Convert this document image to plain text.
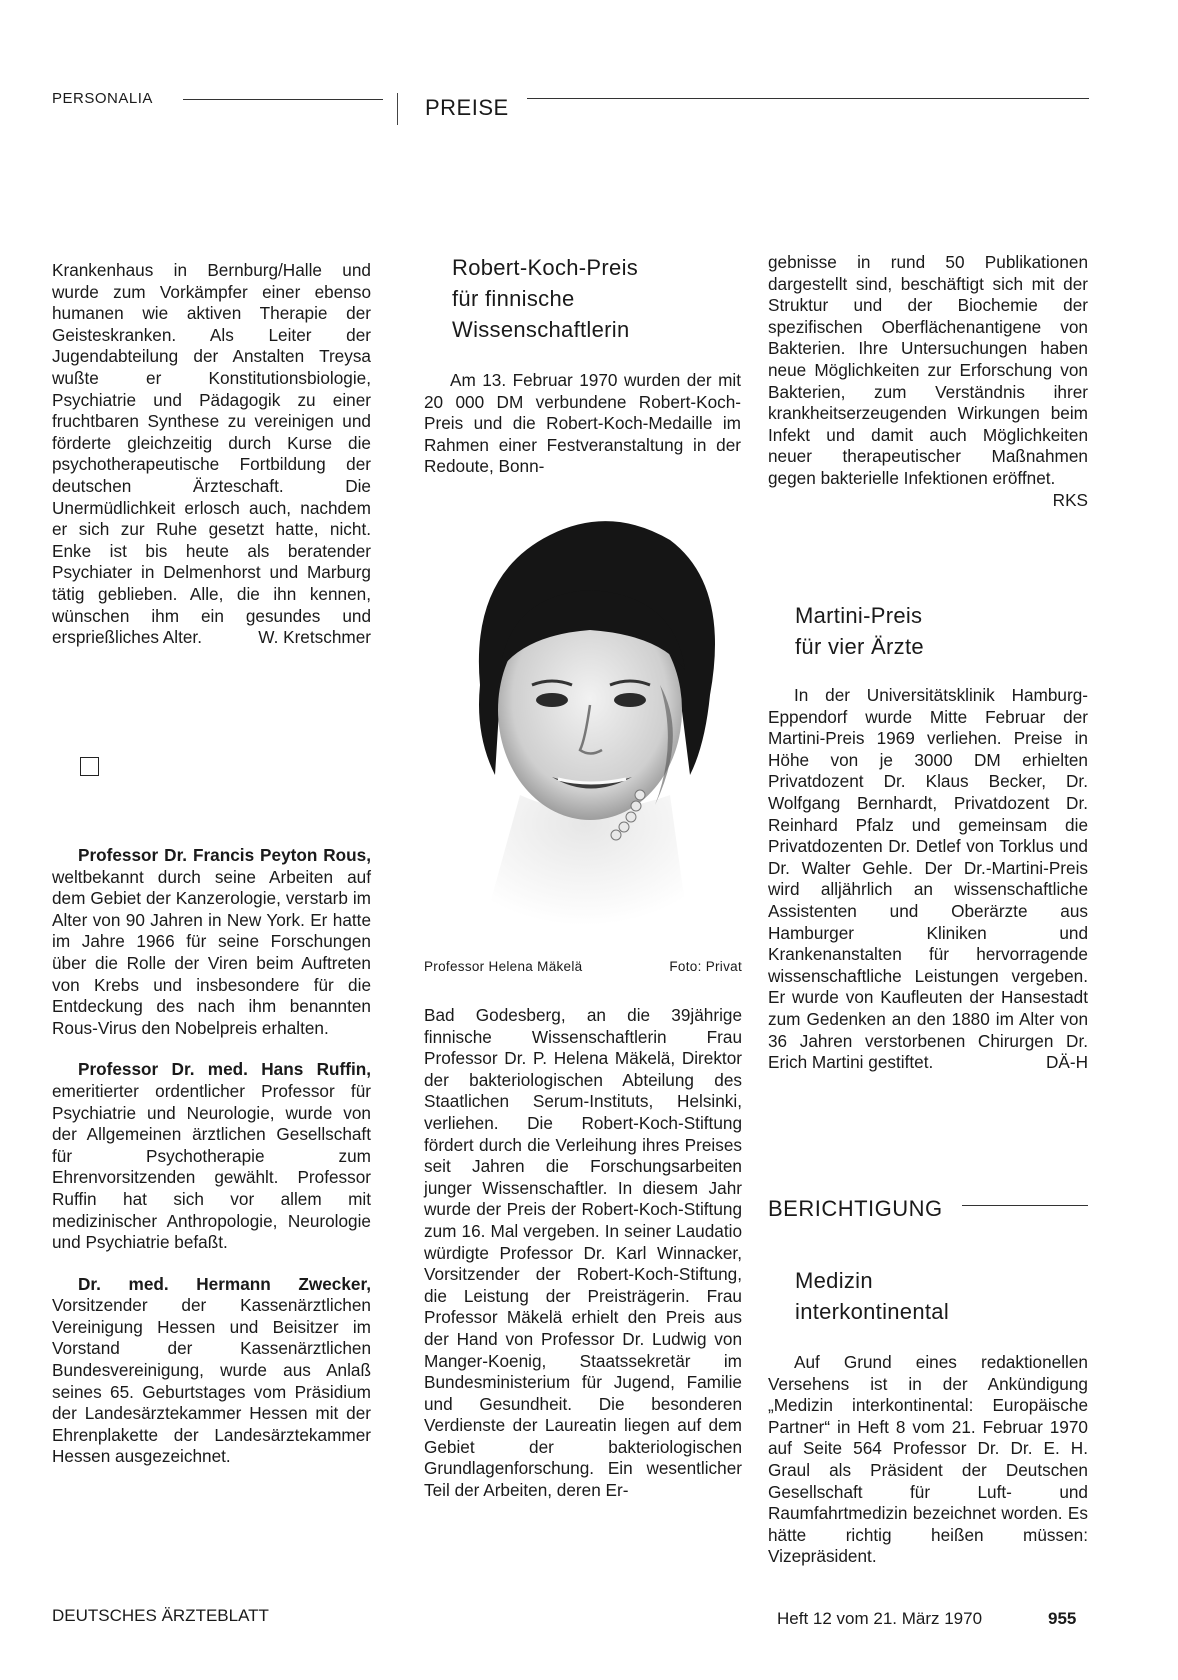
PERSONALIA	PREISE

Krankenhaus in Bernburg/Halle und wurde zum Vorkämpfer einer ebenso humanen wie aktiven Therapie der Geisteskranken. Als Leiter der Jugendabteilung der Anstalten Treysa wußte er Konstitutionsbiologie, Psychiatrie und Pädagogik zu einer fruchtbaren Synthese zu vereinigen und förderte gleichzeitig durch Kurse die psychotherapeutische Fortbildung der deutschen Ärzteschaft. Die Unermüdlichkeit erlosch auch, nachdem er sich zur Ruhe gesetzt hatte, nicht. Enke ist bis heute als beratender Psychiater in Delmenhorst und Marburg tätig geblieben. Alle, die ihn kennen, wünschen ihm ein gesundes und ersprießliches Alter.	W. Kretschmer

Professor Dr. Francis Peyton Rous, weltbekannt durch seine Arbeiten auf dem Gebiet der Kanzerologie, verstarb im Alter von 90 Jahren in New York. Er hatte im Jahre 1966 für seine Forschungen über die Rolle der Viren beim Auftreten von Krebs und insbesondere für die Entdeckung des nach ihm benannten Rous-Virus den Nobelpreis erhalten.

Professor Dr. med. Hans Ruffin, emeritierter ordentlicher Professor für Psychiatrie und Neurologie, wurde von der Allgemeinen ärztlichen Gesellschaft für Psychotherapie zum Ehrenvorsitzenden gewählt. Professor Ruffin hat sich vor allem mit medizinischer Anthropologie, Neurologie und Psychiatrie befaßt.

Dr. med. Hermann Zwecker, Vorsitzender der Kassenärztlichen Vereinigung Hessen und Beisitzer im Vorstand der Kassenärztlichen Bundesvereinigung, wurde aus Anlaß seines 65. Geburtstages vom Präsidium der Landesärztekammer Hessen mit der Ehrenplakette der Landesärztekammer Hessen ausgezeichnet.

Robert-Koch-Preis
für finnische
Wissenschaftlerin

Am 13. Februar 1970 wurden der mit 20 000 DM verbundene Robert-Koch-Preis und die Robert-Koch-Medaille im Rahmen einer Festveranstaltung in der Redoute, Bonn-

Professor Helena Mäkelä	Foto: Privat

Bad Godesberg, an die 39jährige finnische Wissenschaftlerin Frau Professor Dr. P. Helena Mäkelä, Direktor der bakteriologischen Abteilung des Staatlichen Serum-Instituts, Helsinki, verliehen. Die Robert-Koch-Stiftung fördert durch die Verleihung ihres Preises seit Jahren die Forschungsarbeiten junger Wissenschaftler. In diesem Jahr wurde der Preis der Robert-Koch-Stiftung zum 16. Mal vergeben. In seiner Laudatio würdigte Professor Dr. Karl Winnacker, Vorsitzender der Robert-Koch-Stiftung, die Leistung der Preisträgerin. Frau Professor Mäkelä erhielt den Preis aus der Hand von Professor Dr. Ludwig von Manger-Koenig, Staatssekretär im Bundesministerium für Jugend, Familie und Gesundheit. Die besonderen Verdienste der Laureatin liegen auf dem Gebiet der bakteriologischen Grundlagenforschung. Ein wesentlicher Teil der Arbeiten, deren Er-

gebnisse in rund 50 Publikationen dargestellt sind, beschäftigt sich mit der Struktur und der Biochemie der spezifischen Oberflächenantigene von Bakterien. Ihre Untersuchungen haben neue Möglichkeiten zur Erforschung von Bakterien, zum Verständnis ihrer krankheitserzeugenden Wirkungen beim Infekt und damit auch Möglichkeiten neuer therapeutischer Maßnahmen gegen bakterielle Infektionen eröffnet.
RKS

Martini-Preis
für vier Ärzte

In der Universitätsklinik Hamburg-Eppendorf wurde Mitte Februar der Martini-Preis 1969 verliehen. Preise in Höhe von je 3000 DM erhielten Privatdozent Dr. Klaus Becker, Dr. Wolfgang Bernhardt, Privatdozent Dr. Reinhard Pfalz und gemeinsam die Privatdozenten Dr. Detlef von Torklus und Dr. Walter Gehle. Der Dr.-Martini-Preis wird alljährlich an wissenschaftliche Assistenten und Oberärzte aus Hamburger Kliniken und Krankenanstalten für hervorragende wissenschaftliche Leistungen vergeben. Er wurde von Kaufleuten der Hansestadt zum Gedenken an den 1880 im Alter von 36 Jahren verstorbenen Chirurgen Dr. Erich Martini gestiftet.	DÄ-H

BERICHTIGUNG
Medizin
interkontinental

Auf Grund eines redaktionellen Versehens ist in der Ankündigung „Medizin interkontinental: Europäische Partner“ in Heft 8 vom 21. Februar 1970 auf Seite 564 Professor Dr. Dr. E. H. Graul als Präsident der Deutschen Gesellschaft für Luft- und Raumfahrtmedizin bezeichnet worden. Es hätte richtig heißen müssen: Vizepräsident.

DEUTSCHES ÄRZTEBLATT	Heft 12 vom 21. März 1970	955
